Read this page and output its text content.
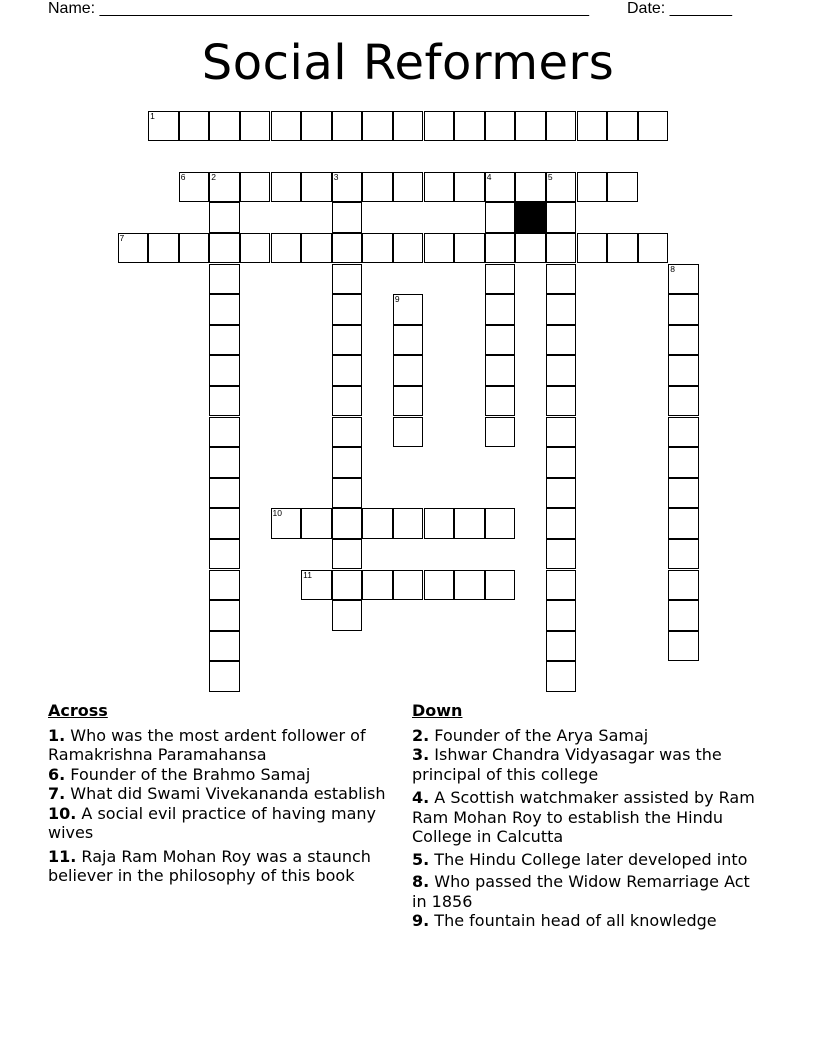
Name: _______________________________________________________ Date: _______
Social Reformers
1
6	2	3	4	5
7
10
11
8
9
Across
1. Who was the most ardent follower of Ramakrishna Paramahansa
6. Founder of the Brahmo Samaj
7. What did Swami Vivekananda establish
10. A social evil practice of having many wives
11. Raja Ram Mohan Roy was a staunch believer in the philosophy of this book
Down
2. Founder of the Arya Samaj
3. Ishwar Chandra Vidyasagar was the principal of this college
4. A Scottish watchmaker assisted by Ram Ram Mohan Roy to establish the Hindu College in Calcutta
5. The Hindu College later developed into
8. Who passed the Widow Remarriage Act in 1856
9. The fountain head of all knowledge
